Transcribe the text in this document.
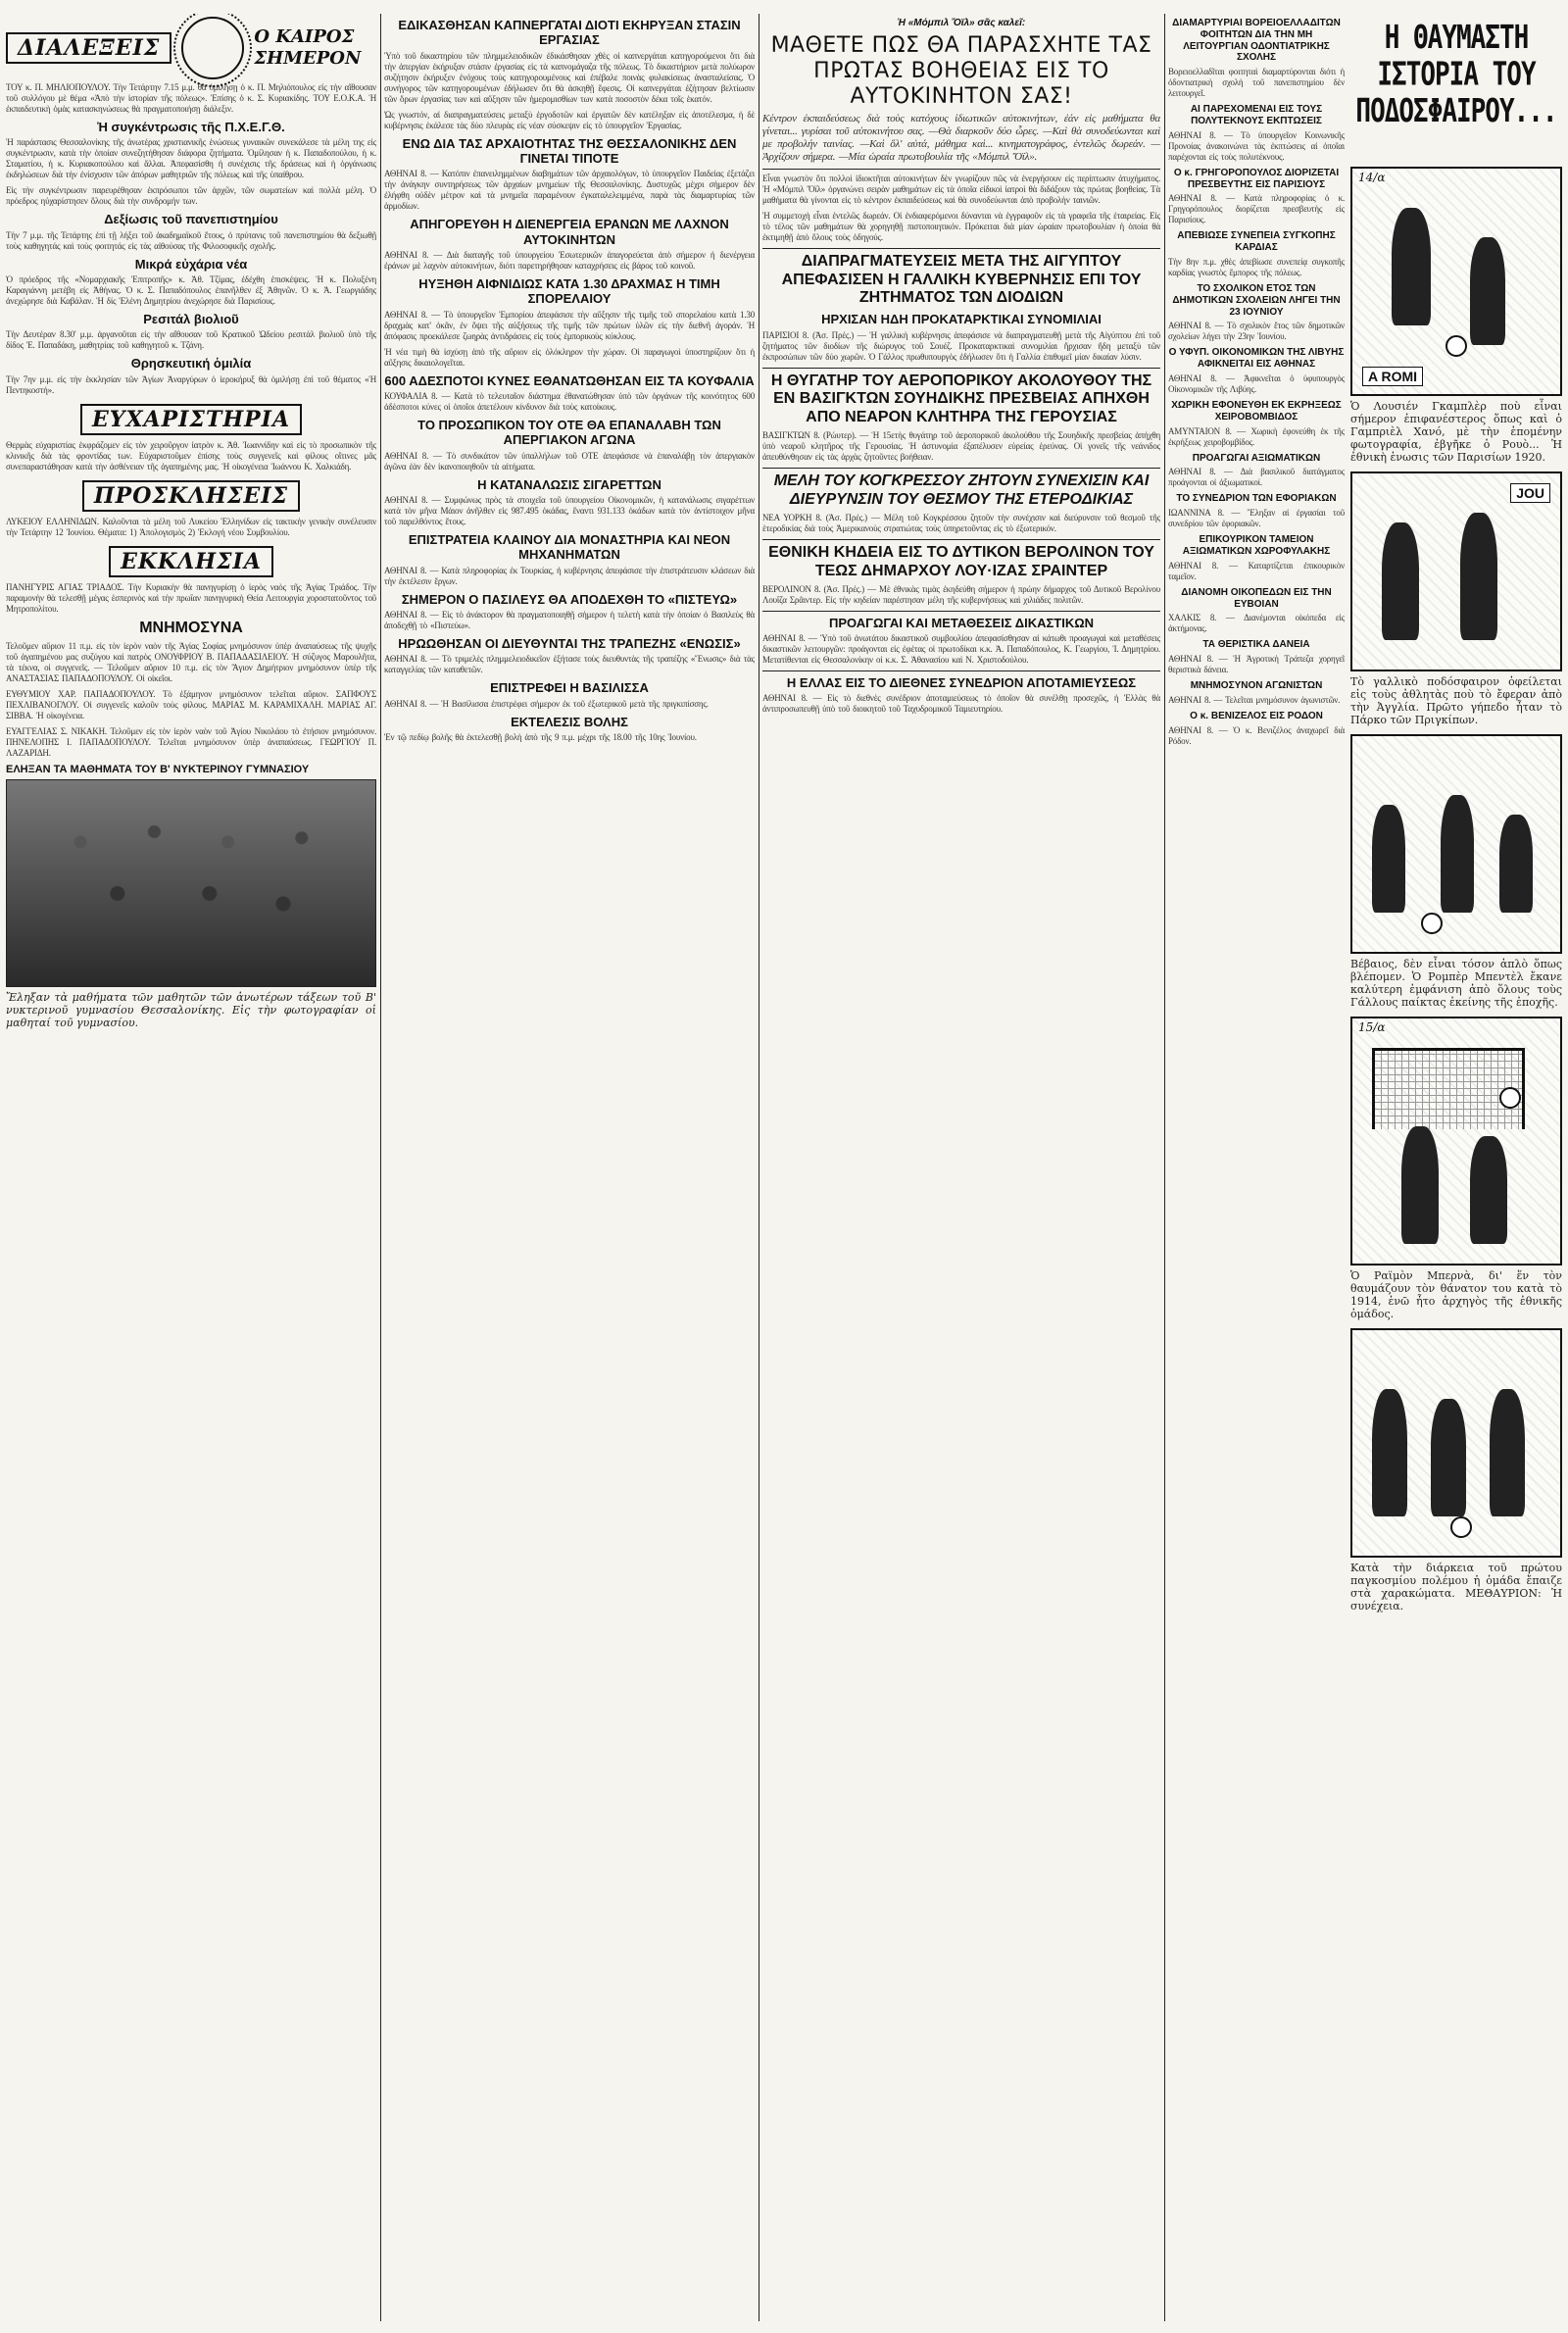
ΔΙΑΛΕΞΕΙΣ	Ο ΚΑΙΡΟΣ ΣΗΜΕΡΟΝ

ΤΟΥ κ. Π. ΜΗΛΙΟΠΟΥΛΟΥ. Τὴν Τετάρτην 7.15 μ.μ. θὰ ὁμιλήσῃ ὁ κ. Π. Μηλιόπουλος εἰς τὴν αἴθουσαν τοῦ συλλόγου μὲ θέμα «Ἀπὸ τὴν ἱστορίαν τῆς πόλεως». Ἐπίσης ὁ κ. Σ. Κυριακίδης. ΤΟΥ Ε.Ο.Κ.Α. Ἡ ἐκπαιδευτικὴ ὁμὰς κατασκηνώσεως θὰ πραγματοποιήσῃ διάλεξιν.

Ἡ συγκέντρωσις τῆς Π.Χ.Ε.Γ.Θ.

Ἡ παράστασις Θεσσαλονίκης τῆς ἀνωτέρας χριστιανικῆς ἑνώσεως γυναικῶν συνεκάλεσε τὰ μέλη της εἰς συγκέντρωσιν, κατὰ τὴν ὁποίαν συνεζητήθησαν διάφορα ζητήματα. Ὁμίλησαν ἡ κ. Παπαδοπούλου, ἡ κ. Σταματίου, ἡ κ. Κυριακοπούλου καὶ ἄλλαι. Ἀπεφασίσθη ἡ συνέχισις τῆς δράσεως καὶ ἡ ὀργάνωσις ἐκδηλώσεων διὰ τὴν ἐνίσχυσιν τῶν ἀπόρων μαθητριῶν τῆς πόλεως καὶ τῆς ὑπαίθρου.

Εἰς τὴν συγκέντρωσιν παρευρέθησαν ἐκπρόσωποι τῶν ἀρχῶν, τῶν σωματείων καὶ πολλὰ μέλη. Ὁ πρόεδρος ηὐχαρίστησεν ὅλους διὰ τὴν συνδρομήν των.

Δεξίωσις τοῦ πανεπιστημίου

Τὴν 7 μ.μ. τῆς Τετάρτης ἐπὶ τῇ λήξει τοῦ ἀκαδημαϊκοῦ ἔτους, ὁ πρύτανις τοῦ πανεπιστημίου θὰ δεξιωθῇ τοὺς καθηγητάς καὶ τοὺς φοιτητάς εἰς τὰς αἰθούσας τῆς Φιλοσοφικῆς σχολῆς.

Μικρά εὐχάρια νέα

Ὁ πρόεδρος τῆς «Νομαρχιακῆς Ἐπιτροπῆς» κ. Ἀθ. Τζίμας, ἐδέχθη ἐπισκέψεις. Ἡ κ. Πολυξένη Καραγιάννη μετέβη εἰς Ἀθήνας. Ὁ κ. Σ. Παπαδόπουλος ἐπανῆλθεν ἐξ Ἀθηνῶν. Ὁ κ. Ἀ. Γεωργιάδης ἀνεχώρησε διὰ Καβάλαν. Ἡ δίς Ἑλένη Δημητρίου ἀνεχώρησε διὰ Παρισίους.

Ρεσιτάλ βιολιοῦ

Τὴν Δευτέραν 8.30' μ.μ. ἀργανοῦται εἰς τὴν αἴθουσαν τοῦ Κρατικοῦ Ὠδείου ρεσιτάλ βιολιοῦ ὑπὸ τῆς δίδος Ἑ. Παπαδάκη, μαθητρίας τοῦ καθηγητοῦ κ. Τζάνη.

Θρησκευτική ὁμιλία

Τὴν 7ην μ.μ. εἰς τὴν ἐκκλησίαν τῶν Ἀγίων Ἀναργύρων ὁ ἱεροκήρυξ θὰ ὁμιλήσῃ ἐπὶ τοῦ θέματος «Ἡ Πεντηκοστή».

ΕΥΧΑΡΙΣΤΗΡΙΑ

Θερμὰς εὐχαριστίας ἐκφράζομεν εἰς τὸν χειροῦργον ἰατρὸν κ. Ἀθ. Ἰωαννίδην καὶ εἰς τὸ προσωπικὸν τῆς κλινικῆς διὰ τὰς φροντίδας των. Εὐχαριστοῦμεν ἐπίσης τοὺς συγγενεῖς καὶ φίλους οἵτινες μᾶς συνεπαραστάθησαν κατὰ τὴν ἀσθένειαν τῆς ἀγαπημένης μας. Ἡ οἰκογένεια Ἰωάννου Κ. Χαλκιάδη.

ΠΡΟΣΚΛΗΣΕΙΣ

ΛΥΚΕΙΟΥ ΕΛΛΗΝΙΔΩΝ. Καλοῦνται τὰ μέλη τοῦ Λυκείου Ἑλληνίδων εἰς τακτικὴν γενικὴν συνέλευσιν τὴν Τετάρτην 12 Ἰουνίου. Θέματα: 1) Ἀπολογισμὸς 2) Ἐκλογή νέου Συμβουλίου.

ΕΚΚΛΗΣΙΑ

ΠΑΝΗΓΥΡΙΣ ΑΓΙΑΣ ΤΡΙΑΔΟΣ. Τὴν Κυριακὴν θὰ πανηγυρίσῃ ὁ ἱερὸς ναὸς τῆς Ἁγίας Τριάδος. Τὴν παραμονὴν θὰ τελεσθῇ μέγας ἑσπερινὸς καὶ τὴν πρωΐαν πανηγυρικὴ Θεία Λειτουργία χοροστατοῦντος τοῦ Μητροπολίτου.

ΜΝΗΜΟΣΥΝΑ

Τελοῦμεν αὔριον 11 π.μ. εἰς τὸν ἱερὸν ναὸν τῆς Ἁγίας Σοφίας μνημόσυνον ὑπὲρ ἀναπαύσεως τῆς ψυχῆς τοῦ ἀγαπημένου μας συζύγου καὶ πατρὸς ΟΝΟΥΦΡΙΟΥ Β. ΠΑΠΑΔΑΣΙΛΕΙΟΥ. Ἡ σύζυγος Μαρουλῆτα, τὰ τέκνα, οἱ συγγενεῖς. — Τελοῦμεν αὔριον 10 π.μ. εἰς τὸν Ἅγιον Δημήτριον μνημόσυνον ὑπὲρ τῆς ΑΝΑΣΤΑΣΙΑΣ ΠΑΠΑΔΟΠΟΥΛΟΥ. Οἱ οἰκεῖοι.

ΕΥΘΥΜΙΟΥ ΧΑΡ. ΠΑΠΑΔΟΠΟΥΛΟΥ. Τὸ ἑξάμηνον μνημόσυνον τελεῖται αὔριον. ΣΑΠΦΟΥΣ ΠΕΧΛΙΒΑΝΟΓΛΟΥ. Οἱ συγγενεῖς καλοῦν τοὺς φίλους. ΜΑΡΙΑΣ Μ. ΚΑΡΑΜΙΧΑΛΗ. ΜΑΡΙΑΣ ΑΓ. ΣΙΒΒΑ. Ἡ οἰκογένεια.

ΕΥΑΓΓΕΛΙΑΣ Σ. ΝΙΚΑΚΗ. Τελοῦμεν εἰς τὸν ἱερὸν ναὸν τοῦ Ἁγίου Νικολάου τὸ ἐτήσιον μνημόσυνον. ΠΗΝΕΛΟΠΗΣ Ι. ΠΑΠΑΔΟΠΟΥΛΟΥ. Τελεῖται μνημόσυνον ὑπὲρ ἀναπαύσεως. ΓΕΩΡΓΙΟΥ Π. ΛΑΖΑΡΙΔΗ.

ΕΛΗΞΑΝ ΤΑ ΜΑΘΗΜΑΤΑ ΤΟΥ Β' ΝΥΚΤΕΡΙΝΟΥ ΓΥΜΝΑΣΙΟΥ
Ἔληξαν τὰ μαθήματα τῶν μαθητῶν τῶν ἀνωτέρων τάξεων τοῦ Β' νυκτερινοῦ γυμνασίου Θεσσαλονίκης. Εἰς τὴν φωτογραφίαν οἱ μαθηταί τοῦ γυμνασίου.
ΕΔΙΚΑΣΘΗΣΑΝ ΚΑΠΝΕΡΓΑΤΑΙ ΔΙΟΤΙ ΕΚΗΡΥΞΑΝ ΣΤΑΣΙΝ ΕΡΓΑΣΙΑΣ

Ὑπὸ τοῦ δικαστηρίου τῶν πλημμελειοδικῶν ἐδικάσθησαν χθὲς οἱ καπνεργάται κατηγορούμενοι ὅτι διὰ τὴν ἀπεργίαν ἐκήρυξαν στάσιν ἐργασίας εἰς τὰ καπνομάγαζα τῆς πόλεως. Τὸ δικαστήριον μετὰ πολύωρον συζήτησιν ἐκήρυξεν ἐνόχους τοὺς κατηγορουμένους καὶ ἐπέβαλε ποινὰς φυλακίσεως ἀνασταλείσας. Ὁ συνήγορος τῶν κατηγορουμένων ἐδήλωσεν ὅτι θὰ ἀσκηθῇ ἔφεσις. Οἱ καπνεργάται ἐζήτησαν βελτίωσιν τῶν ὅρων ἐργασίας των καὶ αὔξησιν τῶν ἡμερομισθίων των κατὰ ποσοστὸν δέκα τοῖς ἑκατόν.

Ὡς γνωστόν, αἱ διαπραγματεύσεις μεταξὺ ἐργοδοτῶν καὶ ἐργατῶν δὲν κατέληξαν εἰς ἀποτέλεσμα, ἡ δὲ κυβέρνησις ἐκάλεσε τὰς δύο πλευρὰς εἰς νέαν σύσκεψιν εἰς τὸ ὑπουργεῖον Ἐργασίας.

ΕΝΩ ΔΙΑ ΤΑΣ ΑΡΧΑΙΟΤΗΤΑΣ ΤΗΣ ΘΕΣΣΑΛΟΝΙΚΗΣ ΔΕΝ ΓΙΝΕΤΑΙ ΤΙΠΟΤΕ

ΑΘΗΝΑΙ 8. — Κατόπιν ἐπανειλημμένων διαβημάτων τῶν ἀρχαιολόγων, τὸ ὑπουργεῖον Παιδείας ἐξετάζει τὴν ἀνάγκην συντηρήσεως τῶν ἀρχαίων μνημείων τῆς Θεσσαλονίκης. Δυστυχῶς μέχρι σήμερον δὲν ἐλήφθη οὐδὲν μέτρον καὶ τὰ μνημεῖα παραμένουν ἐγκαταλελειμμένα, παρὰ τὰς διαμαρτυρίας τῶν ἁρμοδίων.

ΑΠΗΓΟΡΕΥΘΗ Η ΔΙΕΝΕΡΓΕΙΑ ΕΡΑΝΩΝ ΜΕ ΛΑΧΝΟΝ ΑΥΤΟΚΙΝΗΤΩΝ

ΑΘΗΝΑΙ 8. — Διὰ διαταγῆς τοῦ ὑπουργείου Ἐσωτερικῶν ἀπαγορεύεται ἀπὸ σήμερον ἡ διενέργεια ἐράνων μὲ λαχνὸν αὐτοκινήτων, διότι παρετηρήθησαν καταχρήσεις εἰς βάρος τοῦ κοινοῦ.

ΗΥΞΗΘΗ ΑΙΦΝΙΔΙΩΣ ΚΑΤΑ 1.30 ΔΡΑΧΜΑΣ Η ΤΙΜΗ ΣΠΟΡΕΛΑΙΟΥ

ΑΘΗΝΑΙ 8. — Τὸ ὑπουργεῖον Ἐμπορίου ἀπεφάσισε τὴν αὔξησιν τῆς τιμῆς τοῦ σπορελαίου κατὰ 1.30 δραχμὰς κατ' ὀκᾶν, ἐν ὄψει τῆς αὐξήσεως τῆς τιμῆς τῶν πρώτων ὑλῶν εἰς τὴν διεθνῆ ἀγοράν. Ἡ ἀπόφασις προεκάλεσε ζωηρὰς ἀντιδράσεις εἰς τοὺς ἐμπορικοὺς κύκλους.

Ἡ νέα τιμὴ θὰ ἰσχύσῃ ἀπὸ τῆς αὔριον εἰς ὁλόκληρον τὴν χώραν. Οἱ παραγωγοὶ ὑποστηρίζουν ὅτι ἡ αὔξησις δικαιολογεῖται.

600 ΑΔΕΣΠΟΤΟΙ ΚΥΝΕΣ ΕΘΑΝΑΤΩΘΗΣΑΝ ΕΙΣ ΤΑ ΚΟΥΦΑΛΙΑ

ΚΟΥΦΑΛΙΑ 8. — Κατὰ τὸ τελευταῖον διάστημα ἐθανατώθησαν ὑπὸ τῶν ὀργάνων τῆς κοινότητος 600 ἀδέσποτοι κύνες οἱ ὁποῖοι ἀπετέλουν κίνδυνον διὰ τοὺς κατοίκους.

ΤΟ ΠΡΟΣΩΠΙΚΟΝ ΤΟΥ ΟΤΕ ΘΑ ΕΠΑΝΑΛΑΒΗ ΤΩΝ ΑΠΕΡΓΙΑΚΟΝ ΑΓΩΝΑ

ΑΘΗΝΑΙ 8. — Τὸ συνδικάτον τῶν ὑπαλλήλων τοῦ ΟΤΕ ἀπεφάσισε νὰ ἐπαναλάβῃ τὸν ἀπεργιακὸν ἀγῶνα ἐὰν δὲν ἱκανοποιηθοῦν τὰ αἰτήματα.

Η ΚΑΤΑΝΑΛΩΣΙΣ ΣΙΓΑΡΕΤΤΩΝ

ΑΘΗΝΑΙ 8. — Συμφώνως πρὸς τὰ στοιχεῖα τοῦ ὑπουργείου Οἰκονομικῶν, ἡ κατανάλωσις σιγαρέττων κατὰ τὸν μῆνα Μάιον ἀνῆλθεν εἰς 987.495 ὀκάδας, ἔναντι 931.133 ὀκάδων κατὰ τὸν ἀντίστοιχον μῆνα τοῦ παρελθόντος ἔτους.

ΕΠΙΣΤΡΑΤΕΙΑ ΚΛΑΙΝΟΥ ΔΙΑ ΜΟΝΑΣΤΗΡΙΑ ΚΑΙ ΝΕΟΝ ΜΗΧΑΝΗΜΑΤΩΝ

ΑΘΗΝΑΙ 8. — Κατὰ πληροφορίας ἐκ Τουρκίας, ἡ κυβέρνησις ἀπεφάσισε τὴν ἐπιστράτευσιν κλάσεων διὰ τὴν ἐκτέλεσιν ἔργων.

ΣΗΜΕΡΟΝ Ο ΠΑΣΙΛΕΥΣ ΘΑ ΑΠΟΔΕΧΘΗ ΤΟ «ΠΙΣΤΕΥΩ»

ΑΘΗΝΑΙ 8. — Εἰς τὸ ἀνάκτορον θὰ πραγματοποιηθῇ σήμερον ἡ τελετὴ κατὰ τὴν ὁποίαν ὁ Βασιλεὺς θὰ ἀποδεχθῇ τὸ «Πιστεύω».

ΗΡΩΩΘΗΣΑΝ ΟΙ ΔΙΕΥΘΥΝΤΑΙ ΤΗΣ ΤΡΑΠΕΖΗΣ «ΕΝΩΣΙΣ»

ΑΘΗΝΑΙ 8. — Τὸ τριμελὲς πλημμελειοδικεῖον ἐξήτασε τοὺς διευθυντὰς τῆς τραπέζης «Ἕνωσις» διὰ τὰς καταγγελίας τῶν καταθετῶν.

ΕΠΙΣΤΡΕΦΕΙ Η ΒΑΣΙΛΙΣΣΑ

ΑΘΗΝΑΙ 8. — Ἡ Βασίλισσα ἐπιστρέφει σήμερον ἐκ τοῦ ἐξωτερικοῦ μετὰ τῆς πριγκιπίσσης.

ΕΚΤΕΛΕΣΙΣ ΒΟΛΗΣ

Ἐν τῷ πεδίῳ βολῆς θὰ ἐκτελεσθῇ βολὴ ἀπὸ τῆς 9 π.μ. μέχρι τῆς 18.00 τῆς 10ης Ἰουνίου.

Ἡ «Μόμπιλ Ὄϊλ» σᾶς καλεῖ:
ΜΑΘΕΤΕ ΠΩΣ ΘΑ ΠΑΡΑΣΧΗΤΕ ΤΑΣ ΠΡΩΤΑΣ ΒΟΗΘΕΙΑΣ ΕΙΣ ΤΟ ΑΥΤΟΚΙΝΗΤΟΝ ΣΑΣ!

Κέντρον ἐκπαιδεύσεως διὰ τοὺς κατόχους ἰδιωτικῶν αὐτοκινήτων, ἐάν εἰς μαθήματα θα γίνεται... γυρίσαι τοῦ αὐτοκινήτου σας. —Θὰ διαρκοῦν δύο ὧρες. —Καὶ θὰ συνοδεύωνται καὶ με προβολήν ταινίας. —Καὶ ὅλ' αὐτά, μάθημα καὶ... κινηματογράφος, ἐντελῶς δωρεάν. —Ἀρχίζουν σήμερα. —Μία ὡραία πρωτοβουλία τῆς «Μόμπιλ Ὄϊλ».

Εἶναι γνωστὸν ὅτι πολλοὶ ἰδιοκτῆται αὐτοκινήτων δὲν γνωρίζουν πῶς νὰ ἐνεργήσουν εἰς περίπτωσιν ἀτυχήματος. Ἡ «Μόμπιλ Ὄϊλ» ὀργανώνει σειρὰν μαθημάτων εἰς τὰ ὁποῖα εἰδικοὶ ἰατροὶ θὰ διδάξουν τὰς πρώτας βοηθείας. Τὰ μαθήματα θὰ γίνονται εἰς τὸ κέντρον ἐκπαιδεύσεως καὶ θὰ συνοδεύωνται ἀπὸ προβολὴν ταινιῶν.

Ἡ συμμετοχὴ εἶναι ἐντελῶς δωρεάν. Οἱ ἐνδιαφερόμενοι δύνανται νὰ ἐγγραφοῦν εἰς τὰ γραφεῖα τῆς ἑταιρείας. Εἰς τὸ τέλος τῶν μαθημάτων θὰ χορηγηθῇ πιστοποιητικόν. Πρόκειται διὰ μίαν ὡραίαν πρωτοβουλίαν ἡ ὁποία θὰ ἐκτιμηθῇ ἀπὸ ὅλους τοὺς ὁδηγούς.

ΔΙΑΠΡΑΓΜΑΤΕΥΣΕΙΣ ΜΕΤΑ ΤΗΣ ΑΙΓΥΠΤΟΥ ΑΠΕΦΑΣΙΣΕΝ Η ΓΑΛΛΙΚΗ ΚΥΒΕΡΝΗΣΙΣ ΕΠΙ ΤΟΥ ΖΗΤΗΜΑΤΟΣ ΤΩΝ ΔΙΟΔΙΩΝ
ΗΡΧΙΣΑΝ ΗΔΗ ΠΡΟΚΑΤΑΡΚΤΙΚΑΙ ΣΥΝΟΜΙΛΙΑΙ

ΠΑΡΙΣΙΟΙ 8. (Ἀσ. Πρές.) — Ἡ γαλλικὴ κυβέρνησις ἀπεφάσισε νὰ διαπραγματευθῇ μετὰ τῆς Αἰγύπτου ἐπὶ τοῦ ζητήματος τῶν διοδίων τῆς διώρυγος τοῦ Σουέζ. Προκαταρκτικαὶ συνομιλίαι ἤρχισαν ἤδη μεταξὺ τῶν ἐκπροσώπων τῶν δύο χωρῶν. Ὁ Γάλλος πρωθυπουργὸς ἐδήλωσεν ὅτι ἡ Γαλλία ἐπιθυμεῖ μίαν δικαίαν λύσιν.

Η ΘΥΓΑΤΗΡ ΤΟΥ ΑΕΡΟΠΟΡΙΚΟΥ ΑΚΟΛΟΥΘΟΥ ΤΗΣ ΕΝ ΒΑΣΙΓΚΤΩΝ ΣΟΥΗΔΙΚΗΣ ΠΡΕΣΒΕΙΑΣ ΑΠΗΧΘΗ ΑΠΟ ΝΕΑΡΟΝ ΚΛΗΤΗΡΑ ΤΗΣ ΓΕΡΟΥΣΙΑΣ

ΒΑΣΙΓΚΤΩΝ 8. (Ρώυτερ). — Ἡ 15ετὴς θυγάτηρ τοῦ ἀεροπορικοῦ ἀκολούθου τῆς Σουηδικῆς πρεσβείας ἀπήχθη ὑπὸ νεαροῦ κλητῆρος τῆς Γερουσίας. Ἡ ἀστυνομία ἐξαπέλυσεν εὐρείας ἐρεύνας. Οἱ γονεῖς τῆς νεάνιδος ἀπευθύνθησαν εἰς τὰς ἀρχὰς ζητοῦντες βοήθειαν.

ΜΕΛΗ ΤΟΥ ΚΟΓΚΡΕΣΣΟΥ ΖΗΤΟΥΝ ΣΥΝΕΧΙΣΙΝ ΚΑΙ ΔΙΕΥΡΥΝΣΙΝ ΤΟΥ ΘΕΣΜΟΥ ΤΗΣ ΕΤΕΡΟΔΙΚΙΑΣ

ΝΕΑ ΥΟΡΚΗ 8. (Ἀσ. Πρές.) — Μέλη τοῦ Κογκρέσσου ζητοῦν τὴν συνέχισιν καὶ διεύρυνσιν τοῦ θεσμοῦ τῆς ἑτεροδικίας διὰ τοὺς Ἀμερικανοὺς στρατιώτας τοὺς ὑπηρετοῦντας εἰς τὸ ἐξωτερικόν.

ΕΘΝΙΚΗ ΚΗΔΕΙΑ ΕΙΣ ΤΟ ΔΥΤΙΚΟΝ ΒΕΡΟΛΙΝΟΝ ΤΟΥ ΤΕΩΣ ΔΗΜΑΡΧΟΥ ΛΟΥ·ΙΖΑΣ ΣΡΑΙΝΤΕΡ

ΒΕΡΟΛΙΝΟΝ 8. (Ἀσ. Πρές.) — Μὲ ἐθνικὰς τιμὰς ἐκηδεύθη σήμερον ἡ πρώην δήμαρχος τοῦ Δυτικοῦ Βερολίνου Λουΐζα Σρᾶιντερ. Εἰς τὴν κηδείαν παρέστησαν μέλη τῆς κυβερνήσεως καὶ χιλιάδες πολιτῶν.

ΠΡΟΑΓΩΓΑΙ ΚΑΙ ΜΕΤΑΘΕΣΕΙΣ ΔΙΚΑΣΤΙΚΩΝ

ΑΘΗΝΑΙ 8. — Ὑπὸ τοῦ ἀνωτάτου δικαστικοῦ συμβουλίου ἀπεφασίσθησαν αἱ κάτωθι προαγωγαὶ καὶ μεταθέσεις δικαστικῶν λειτουργῶν: προάγονται εἰς ἐφέτας οἱ πρωτοδίκαι κ.κ. Ἀ. Παπαδόπουλος, Κ. Γεωργίου, Ἰ. Δημητρίου. Μετατίθενται εἰς Θεσσαλονίκην οἱ κ.κ. Σ. Ἀθανασίου καὶ Ν. Χριστοδούλου.

Η ΕΛΛΑΣ ΕΙΣ ΤΟ ΔΙΕΘΝΕΣ ΣΥΝΕΔΡΙΟΝ ΑΠΟΤΑΜΙΕΥΣΕΩΣ

ΑΘΗΝΑΙ 8. — Εἰς τὸ διεθνὲς συνέδριον ἀποταμιεύσεως τὸ ὁποῖον θὰ συνέλθῃ προσεχῶς, ἡ Ἑλλὰς θὰ ἀντιπροσωπευθῇ ὑπὸ τοῦ διοικητοῦ τοῦ Ταχυδρομικοῦ Ταμιευτηρίου.

ΔΙΑΜΑΡΤΥΡΙΑΙ ΒΟΡΕΙΟΕΛΛΑΔΙΤΩΝ ΦΟΙΤΗΤΩΝ ΔΙΑ ΤΗΝ ΜΗ ΛΕΙΤΟΥΡΓΙΑΝ ΟΔΟΝΤΙΑΤΡΙΚΗΣ ΣΧΟΛΗΣ

Βορειοελλαδῖται φοιτηταὶ διαμαρτύρονται διότι ἡ ὀδοντιατρικὴ σχολὴ τοῦ πανεπιστημίου δὲν λειτουργεῖ.

ΑΙ ΠΑΡΕΧΟΜΕΝΑΙ ΕΙΣ ΤΟΥΣ ΠΟΛΥΤΕΚΝΟΥΣ ΕΚΠΤΩΣΕΙΣ

ΑΘΗΝΑΙ 8. — Τὸ ὑπουργεῖον Κοινωνικῆς Προνοίας ἀνακοινώνει τὰς ἐκπτώσεις αἱ ὁποῖαι παρέχονται εἰς τοὺς πολυτέκνους.

Ο κ. ΓΡΗΓΟΡΟΠΟΥΛΟΣ ΔΙΟΡΙΖΕΤΑΙ ΠΡΕΣΒΕΥΤΗΣ ΕΙΣ ΠΑΡΙΣΙΟΥΣ

ΑΘΗΝΑΙ 8. — Κατὰ πληροφορίας ὁ κ. Γρηγορόπουλος διορίζεται πρεσβευτὴς εἰς Παρισίους.

ΑΠΕΒΙΩΣΕ ΣΥΝΕΠΕΙΑ ΣΥΓΚΟΠΗΣ ΚΑΡΔΙΑΣ

Τὴν 8ην π.μ. χθὲς ἀπεβίωσε συνεπείᾳ συγκοπῆς καρδίας γνωστὸς ἔμπορος τῆς πόλεως.

ΤΟ ΣΧΟΛΙΚΟΝ ΕΤΟΣ ΤΩΝ ΔΗΜΟΤΙΚΩΝ ΣΧΟΛΕΙΩΝ ΛΗΓΕΙ ΤΗΝ 23 ΙΟΥΝΙΟΥ

ΑΘΗΝΑΙ 8. — Τὸ σχολικὸν ἔτος τῶν δημοτικῶν σχολείων λήγει τὴν 23ην Ἰουνίου.

Ο ΥΦΥΠ. ΟΙΚΟΝΟΜΙΚΩΝ ΤΗΣ ΛΙΒΥΗΣ ΑΦΙΚΝΕΙΤΑΙ ΕΙΣ ΑΘΗΝΑΣ

ΑΘΗΝΑΙ 8. — Ἀφικνεῖται ὁ ὑφυπουργὸς Οἰκονομικῶν τῆς Λιβύης.

ΧΩΡΙΚΗ ΕΦΟΝΕΥΘΗ ΕΚ ΕΚΡΗΞΕΩΣ ΧΕΙΡΟΒΟΜΒΙΔΟΣ

ΑΜΥΝΤΑΙΟΝ 8. — Χωρικὴ ἐφονεύθη ἐκ τῆς ἐκρήξεως χειροβομβίδος.

ΠΡΟΑΓΩΓΑΙ ΑΞΙΩΜΑΤΙΚΩΝ

ΑΘΗΝΑΙ 8. — Διὰ βασιλικοῦ διατάγματος προάγονται οἱ ἀξιωματικοί.

ΤΟ ΣΥΝΕΔΡΙΟΝ ΤΩΝ ΕΦΟΡΙΑΚΩΝ

ΙΩΑΝΝΙΝΑ 8. — Ἔληξαν αἱ ἐργασίαι τοῦ συνεδρίου τῶν ἐφοριακῶν.

ΕΠΙΚΟΥΡΙΚΟΝ ΤΑΜΕΙΟΝ ΑΞΙΩΜΑΤΙΚΩΝ ΧΩΡΟΦΥΛΑΚΗΣ

ΑΘΗΝΑΙ 8. — Καταρτίζεται ἐπικουρικὸν ταμεῖον.

ΔΙΑΝΟΜΗ ΟΙΚΟΠΕΔΩΝ ΕΙΣ ΤΗΝ ΕΥΒΟΙΑΝ

ΧΑΛΚΙΣ 8. — Διανέμονται οἰκόπεδα εἰς ἀκτήμονας.

ΤΑ ΘΕΡΙΣΤΙΚΑ ΔΑΝΕΙΑ

ΑΘΗΝΑΙ 8. — Ἡ Ἀγροτικὴ Τράπεζα χορηγεῖ θεριστικὰ δάνεια.

ΜΝΗΜΟΣΥΝΟΝ ΑΓΩΝΙΣΤΩΝ

ΑΘΗΝΑΙ 8. — Τελεῖται μνημόσυνον ἀγωνιστῶν.

Ο κ. ΒΕΝΙΖΕΛΟΣ ΕΙΣ ΡΟΔΟΝ

ΑΘΗΝΑΙ 8. — Ὁ κ. Βενιζέλος ἀναχωρεῖ διὰ Ρόδον.

Η ΘΑΥΜΑΣΤΗ ΙΣΤΟΡΙΑ ΤΟΥ ΠΟΔΟΣΦΑΙΡΟΥ...
14/α
A ROMI
Ὁ Λουσιέν Γκαμπλὲρ ποὺ εἶναι σήμερον ἐπιφανέστερος ὅπως καὶ ὁ Γαμπριὲλ Χανό, μὲ τὴν ἑπομένην φωτογραφία, ἐβγῆκε ὁ Ρουὸ... Ἡ ἐθνικὴ ἑνωσις τῶν Παρισίων 1920.
JOU
Τὸ γαλλικὸ ποδόσφαιρον ὀφείλεται εἰς τοὺς ἀθλητὰς ποὺ τὸ ἔφεραν ἀπὸ τὴν Ἀγγλία. Πρῶτο γήπεδο ἦταν τὸ Πάρκο τῶν Πριγκίπων.
Βέβαιος, δὲν εἶναι τόσον ἀπλὸ ὅπως βλέπομεν. Ὁ Ρομπὲρ Μπεντὲλ ἔκανε καλύτερη ἐμφάνιση ἀπὸ ὅλους τοὺς Γάλλους παίκτας ἐκείνης τῆς ἐποχῆς.
15/α
Ὁ Ραϊμὸν Μπερνὰ, δι' ἕν τὸν θαυμάζουν τὸν θάνατον του κατὰ τὸ 1914, ἐνῶ ἦτο ἀρχηγὸς τῆς ἐθνικῆς ὁμάδος.
Κατὰ τὴν διάρκεια τοῦ πρώτου παγκοσμίου πολέμου ἡ ὁμάδα ἔπαιζε στὰ χαρακώματα. ΜΕΘΑΥΡΙΟΝ: Ἡ συνέχεια.
